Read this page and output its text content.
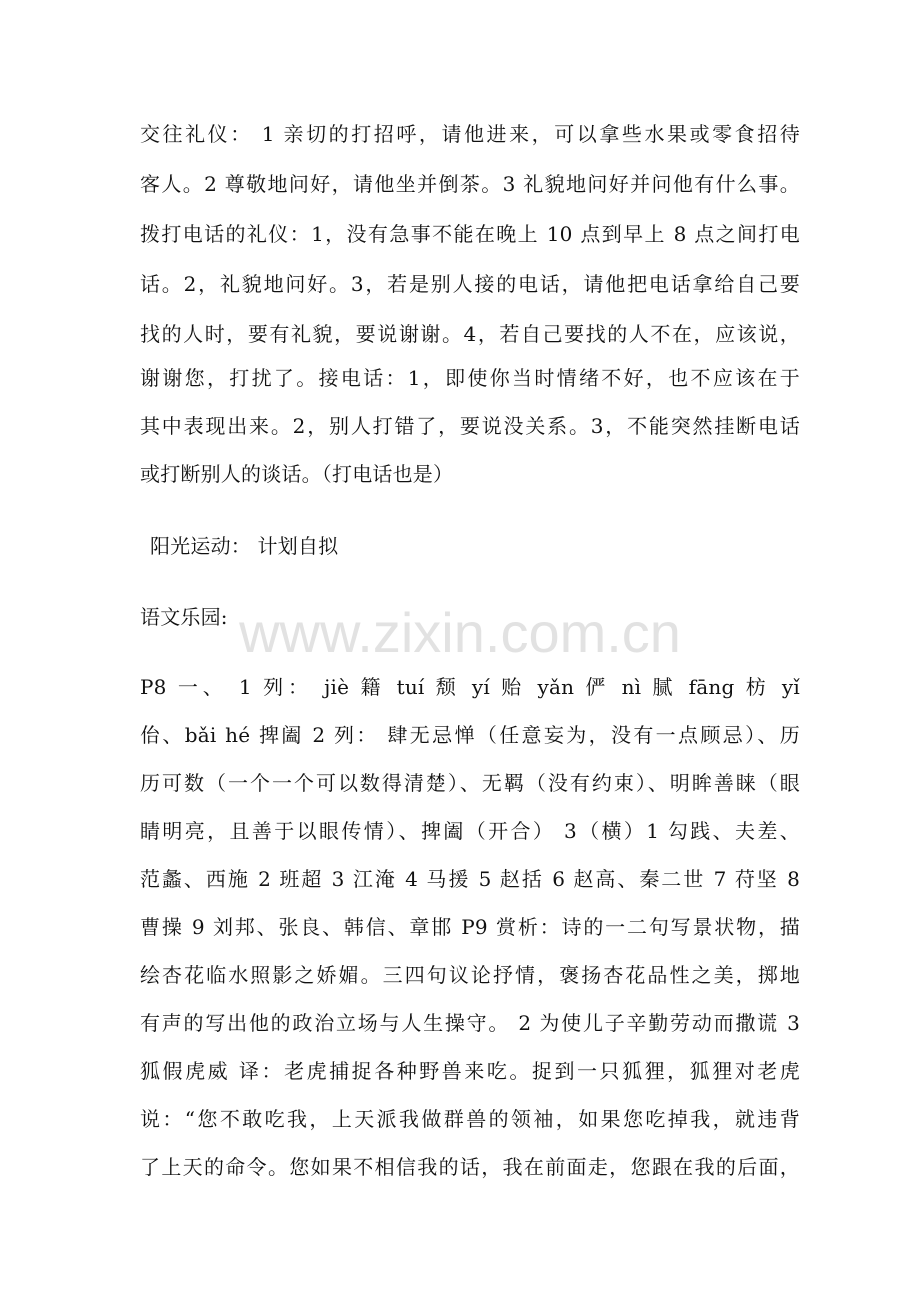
交往礼仪： 1 亲切的打招呼，请他进来，可以拿些水果或零食招待
客人。2 尊敬地问好，请他坐并倒茶。3 礼貌地问好并问他有什么事。
拨打电话的礼仪：1，没有急事不能在晚上 10 点到早上 8 点之间打电
话。2，礼貌地问好。3，若是别人接的电话，请他把电话拿给自己要
找的人时，要有礼貌，要说谢谢。4，若自己要找的人不在，应该说，
谢谢您，打扰了。接电话：1，即使你当时情绪不好，也不应该在于
其中表现出来。2，别人打错了，要说没关系。3，不能突然挂断电话
或打断别人的谈话。（打电话也是）
阳光运动： 计划自拟
语文乐园: www.zixin.com.cn
P8 一、 1 列： jiè 籍 tuí 颓 yí 贻 yǎn 俨 nì 腻 fāng 枋 yǐ
佁、bǎi hé 捭阖 2 列： 肆无忌惮（任意妄为，没有一点顾忌）、历
历可数（一个一个可以数得清楚）、无羁（没有约束）、明眸善睐（眼
睛明亮，且善于以眼传情）、捭阖（开合） 3（横）1 勾践、夫差、
范蠡、西施 2 班超 3 江淹 4 马援 5 赵括 6 赵高、秦二世 7 苻坚 8
曹操 9 刘邦、张良、韩信、章邯 P9 赏析：诗的一二句写景状物，描
绘杏花临水照影之娇媚。三四句议论抒情，褒扬杏花品性之美，掷地
有声的写出他的政治立场与人生操守。 2 为使儿子辛勤劳动而撒谎 3
狐假虎威 译：老虎捕捉各种野兽来吃。捉到一只狐狸，狐狸对老虎
说：“您不敢吃我，上天派我做群兽的领袖，如果您吃掉我，就违背
了上天的命令。您如果不相信我的话，我在前面走，您跟在我的后面，
